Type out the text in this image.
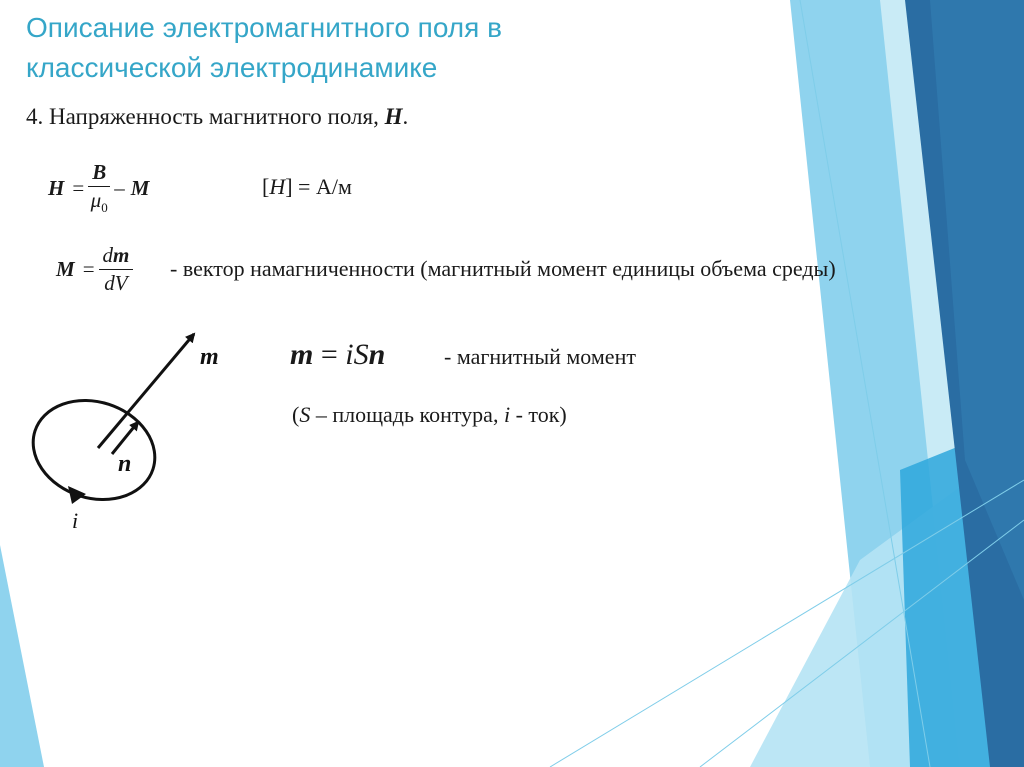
Описание электромагнитного поля в
классической электродинамике
4. Напряженность магнитного поля, H.
$H = \frac{B}{\mu_0} - M$	[H] = А/м
$M = \frac{dm}{dV}$ - вектор намагниченности (магнитный момент единицы объема среды)
m
n
i
m = iSn	- магнитный момент
(S – площадь контура, i - ток)
